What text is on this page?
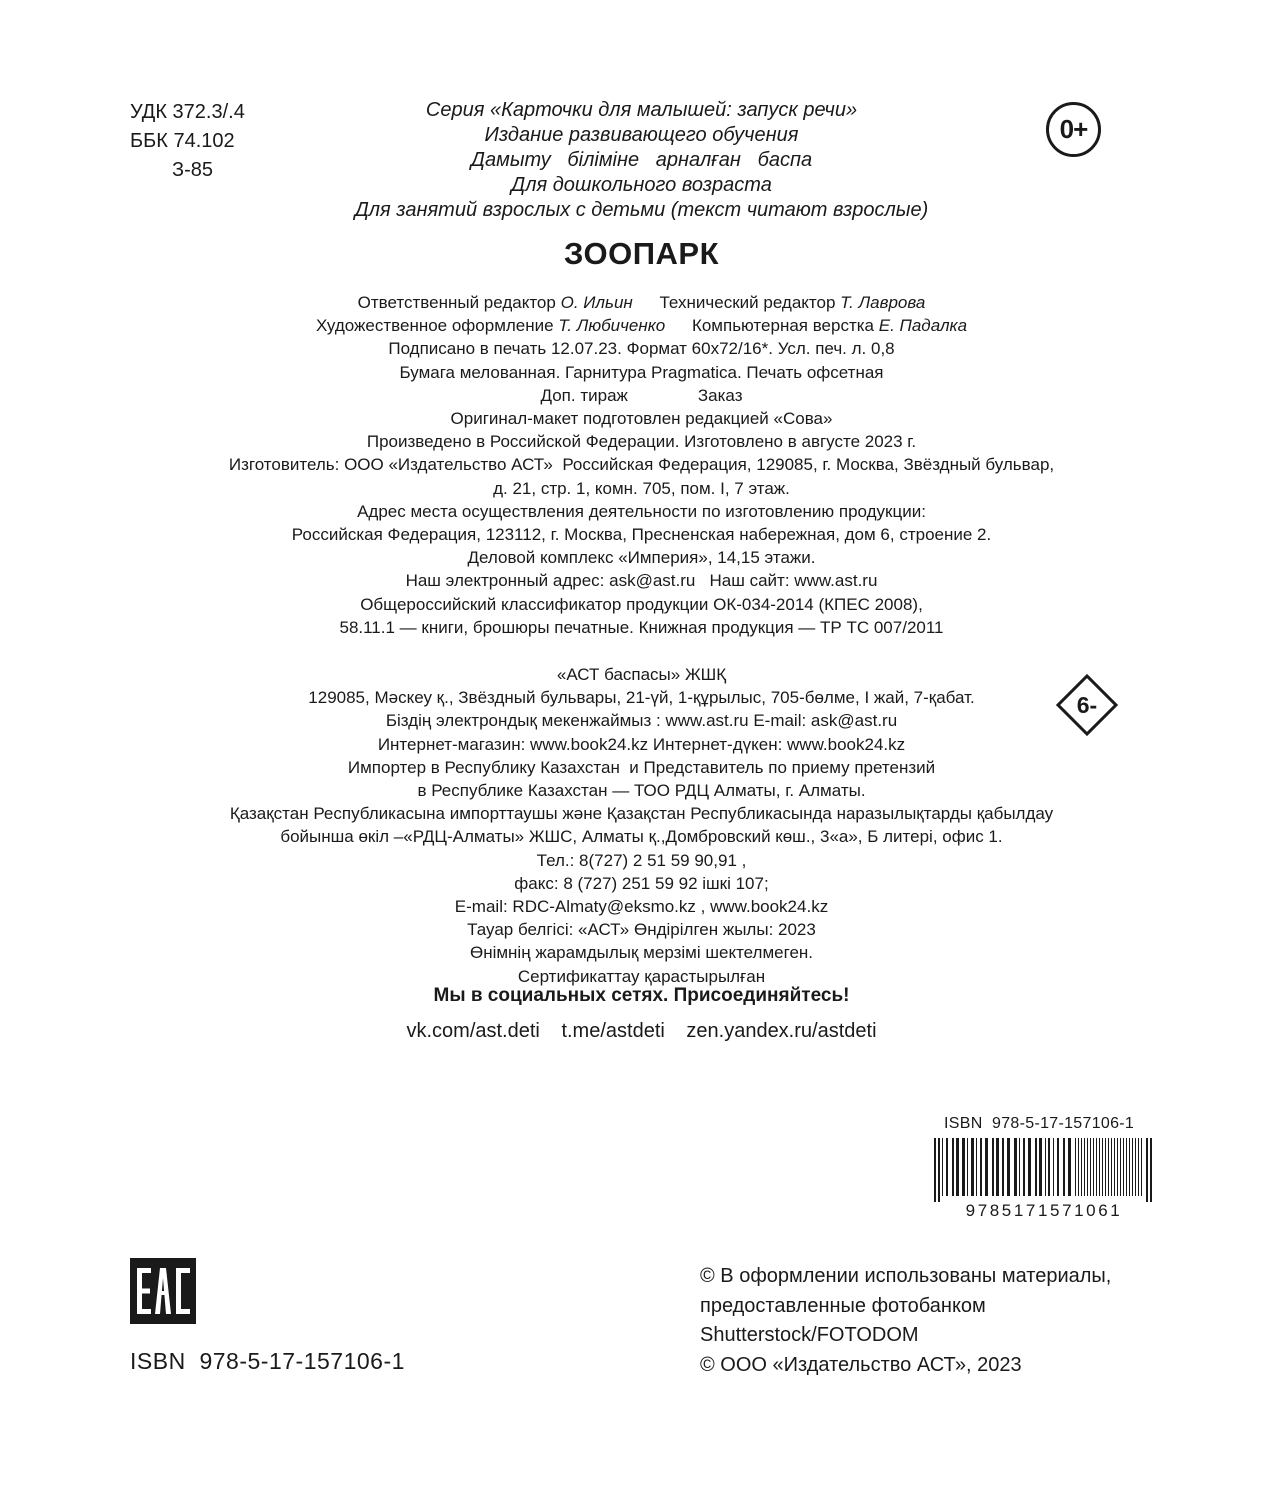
УДК 372.3/.4
ББК 74.102
З-85
Серия «Карточки для малышей: запуск речи»
Издание развивающего обучения
Дамыту   біліміне   арналған   баспа
Для дошкольного возраста
Для занятий взрослых с детьми (текст читают взрослые)
0+
ЗООПАРК
Ответственный редактор О. Ильин Технический редактор Т. Лаврова
Художественное оформление Т. Любиченко Компьютерная верстка Е. Падалка
Подписано в печать 12.07.23. Формат 60х72/16*. Усл. печ. л. 0,8
Бумага мелованная. Гарнитура Pragmatica. Печать офсетная
Доп. тираж	Заказ
Оригинал-макет подготовлен редакцией «Сова»
Произведено в Российской Федерации. Изготовлено в августе 2023 г.
Изготовитель: ООО «Издательство АСТ»  Российская Федерация, 129085, г. Москва, Звёздный бульвар,
д. 21, стр. 1, комн. 705, пом. I, 7 этаж.
Адрес места осуществления деятельности по изготовлению продукции:
Российская Федерация, 123112, г. Москва, Пресненская набережная, дом 6, строение 2.
Деловой комплекс «Империя», 14,15 этажи.
Наш электронный адрес: ask@ast.ru   Наш сайт: www.ast.ru
Общероссийский классификатор продукции ОК-034-2014 (КПЕС 2008),
58.11.1 — книги, брошюры печатные. Книжная продукция — ТР ТС 007/2011
«АСТ баспасы» ЖШҚ
129085, Мәскеу қ., Звёздный бульвары, 21-үй, 1-құрылыс, 705-бөлме, I жай, 7-қабат.
Біздің электрондық мекенжаймыз : www.ast.ru E-mail: ask@ast.ru
Интернет-магазин: www.book24.kz Интернет-дүкен: www.book24.kz
Импортер в Республику Казахстан  и Представитель по приему претензий
в Республике Казахстан — ТОО РДЦ Алматы, г. Алматы.
Қазақстан Республикасына импорттаушы және Қазақстан Республикасында наразылықтарды қабылдау
бойынша өкіл –«РДЦ-Алматы» ЖШС, Алматы қ.,Домбровский көш., 3«а», Б литері, офис 1.
Тел.: 8(727) 2 51 59 90,91 ,
факс: 8 (727) 251 59 92 ішкі 107;
E-mail: RDC-Almaty@eksmo.kz , www.book24.kz
Тауар белгісі: «АСТ» Өндірілген жылы: 2023
Өнімнің жарамдылық мерзімі шектелмеген.
Сертификаттау қарастырылған
6-
Мы в социальных сетях. Присоединяйтесь!
vk.com/ast.deti t.me/astdeti zen.yandex.ru/astdeti
ISBN  978-5-17-157106-1
9785171571061
ISBN  978-5-17-157106-1
© В оформлении использованы материалы,
предоставленные фотобанком
Shutterstock/FOTODOM
© ООО «Издательство АСТ», 2023
